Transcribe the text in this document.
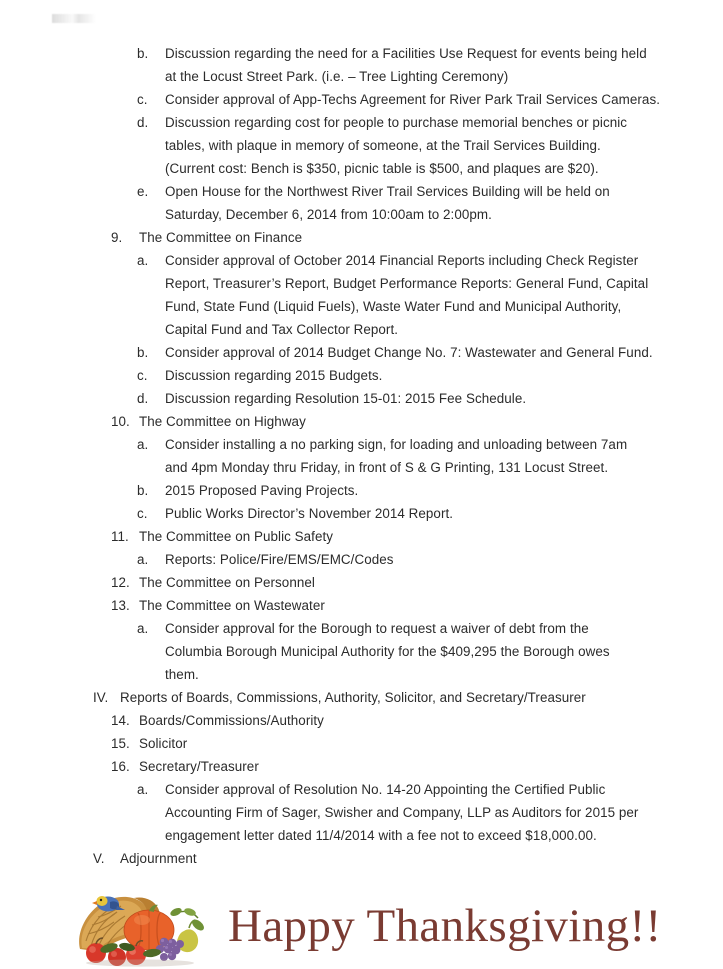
b.	Discussion regarding the need for a Facilities Use Request for events being held
at the Locust Street Park. (i.e. – Tree Lighting Ceremony)
c.	Consider approval of App-Techs Agreement for River Park Trail Services Cameras.
d.	Discussion regarding cost for people to purchase memorial benches or picnic
tables, with plaque in memory of someone, at the Trail Services Building.
(Current cost: Bench is $350, picnic table is $500, and plaques are $20).
e.	Open House for the Northwest River Trail Services Building will be held on
Saturday, December 6, 2014 from 10:00am to 2:00pm.
9.	The Committee on Finance
a.	Consider approval of October 2014 Financial Reports including Check Register
Report, Treasurer’s Report, Budget Performance Reports: General Fund, Capital
Fund, State Fund (Liquid Fuels), Waste Water Fund and Municipal Authority,
Capital Fund and Tax Collector Report.
b.	Consider approval of 2014 Budget Change No. 7: Wastewater and General Fund.
c.	Discussion regarding 2015 Budgets.
d.	Discussion regarding Resolution 15-01: 2015 Fee Schedule.
10. The Committee on Highway
a.	Consider installing a no parking sign, for loading and unloading between 7am
and 4pm Monday thru Friday, in front of S & G Printing, 131 Locust Street.
b.	2015 Proposed Paving Projects.
c.	Public Works Director’s November 2014 Report.
11. The Committee on Public Safety
a.	Reports: Police/Fire/EMS/EMC/Codes
12. The Committee on Personnel
13. The Committee on Wastewater
a.	Consider approval for the Borough to request a waiver of debt from the
Columbia Borough Municipal Authority for the $409,295 the Borough owes
them.
IV. Reports of Boards, Commissions, Authority, Solicitor, and Secretary/Treasurer
14. Boards/Commissions/Authority
15. Solicitor
16. Secretary/Treasurer
a.	Consider approval of Resolution No. 14-20 Appointing the Certified Public
Accounting Firm of Sager, Swisher and Company, LLP as Auditors for 2015 per
engagement letter dated 11/4/2014 with a fee not to exceed $18,000.00.
V.	Adjournment
Happy Thanksgiving!!
